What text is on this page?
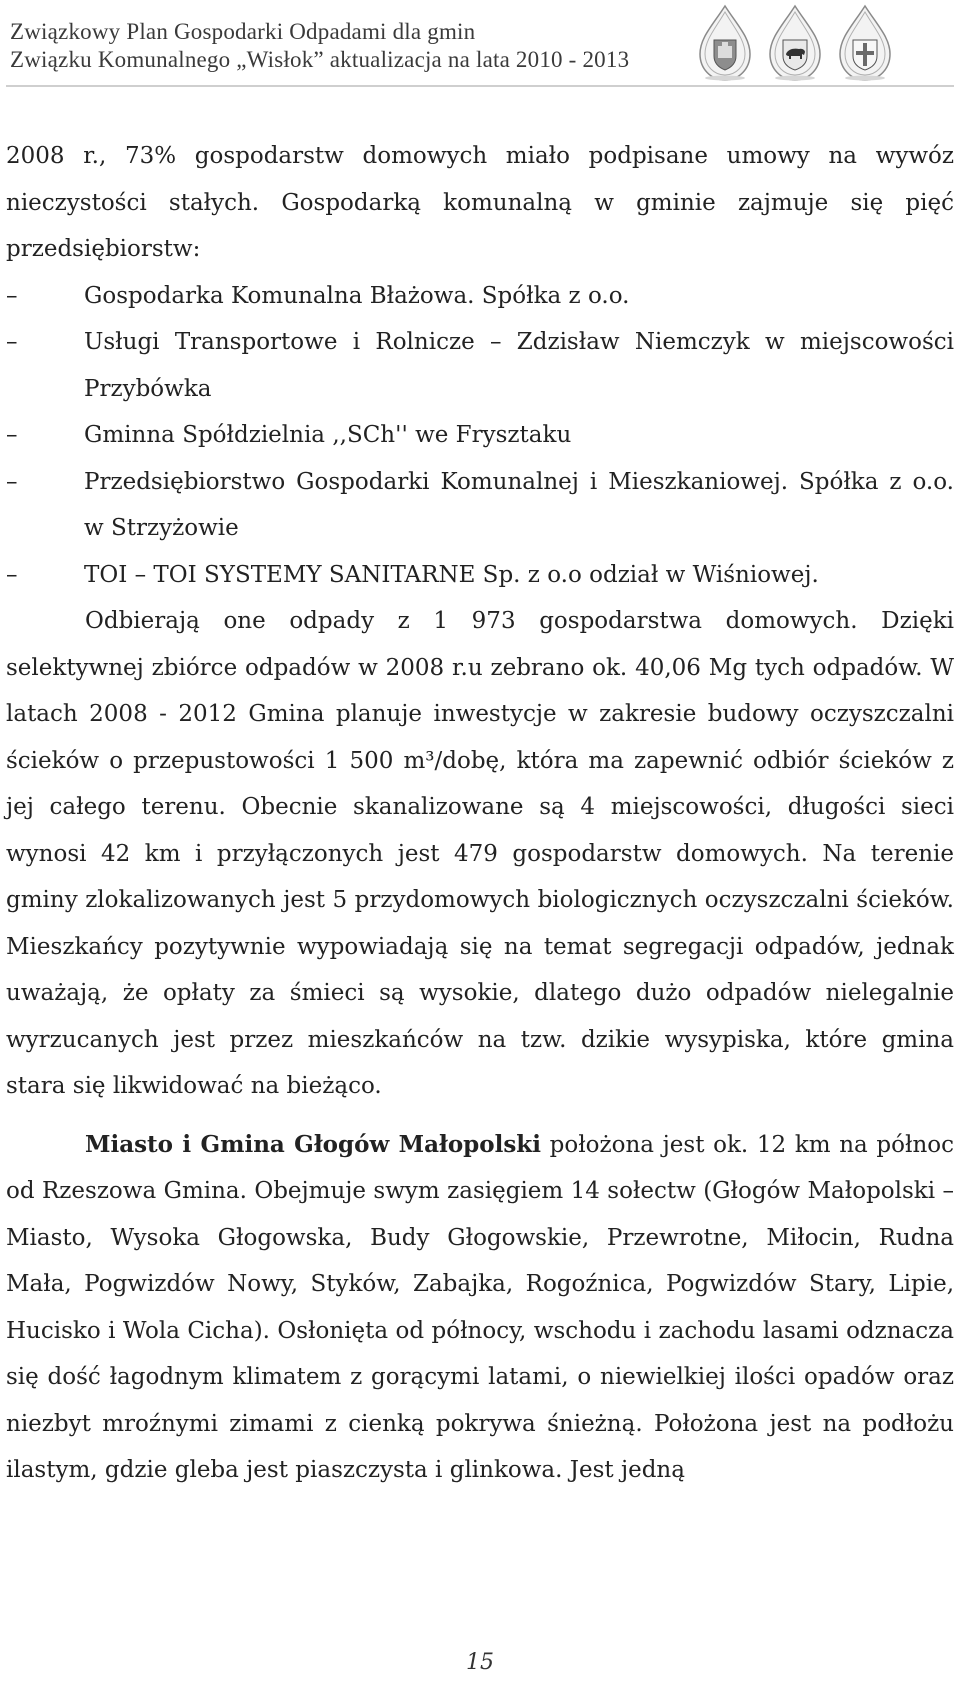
Związkowy Plan Gospodarki Odpadami dla gmin
Związku Komunalnego „Wisłok” aktualizacja na lata 2010 - 2013

2008 r., 73% gospodarstw domowych miało podpisane umowy na wywóz

nieczystości stałych. Gospodarką komunalną w gminie zajmuje się pięć

przedsiębiorstw:

–	Gospodarka Komunalna Błażowa. Spółka z o.o.
–	Usługi Transportowe i Rolnicze – Zdzisław Niemczyk w miejscowości Przybówka
–	Gminna Spółdzielnia ,,SCh'' we Frysztaku
–	Przedsiębiorstwo Gospodarki Komunalnej i Mieszkaniowej. Spółka z o.o. w Strzyżowie
–	TOI – TOI SYSTEMY SANITARNE Sp. z o.o odział w Wiśniowej.

Odbierają one odpady z 1 973 gospodarstwa domowych. Dzięki selektywnej zbiórce odpadów w 2008 r.u zebrano ok. 40,06 Mg tych odpadów. W latach 2008 - 2012 Gmina planuje inwestycje w zakresie budowy oczyszczalni ścieków o przepustowości 1 500 m³/dobę, która ma zapewnić odbiór ścieków z jej całego terenu. Obecnie skanalizowane są 4 miejscowości, długości sieci wynosi 42 km i przyłączonych jest 479 gospodarstw domowych. Na terenie gminy zlokalizowanych jest 5 przydomowych biologicznych oczyszczalni ścieków. Mieszkańcy pozytywnie wypowiadają się na temat segregacji odpadów, jednak uważają, że opłaty za śmieci są wysokie, dlatego dużo odpadów nielegalnie wyrzucanych jest przez mieszkańców na tzw. dzikie wysypiska, które gmina stara się likwidować na bieżąco.

Miasto i Gmina Głogów Małopolski położona jest ok. 12 km na północ od Rzeszowa Gmina. Obejmuje swym zasięgiem 14 sołectw (Głogów Małopolski – Miasto, Wysoka Głogowska, Budy Głogowskie, Przewrotne, Miłocin, Rudna Mała, Pogwizdów Nowy, Styków, Zabajka, Rogoźnica, Pogwizdów Stary, Lipie, Hucisko i Wola Cicha). Osłonięta od północy, wschodu i zachodu lasami odznacza się dość łagodnym klimatem z gorącymi latami, o niewielkiej ilości opadów oraz niezbyt mroźnymi zimami z cienką pokrywa śnieżną. Położona jest na podłożu ilastym, gdzie gleba jest piaszczysta i glinkowa. Jest jedną

15
